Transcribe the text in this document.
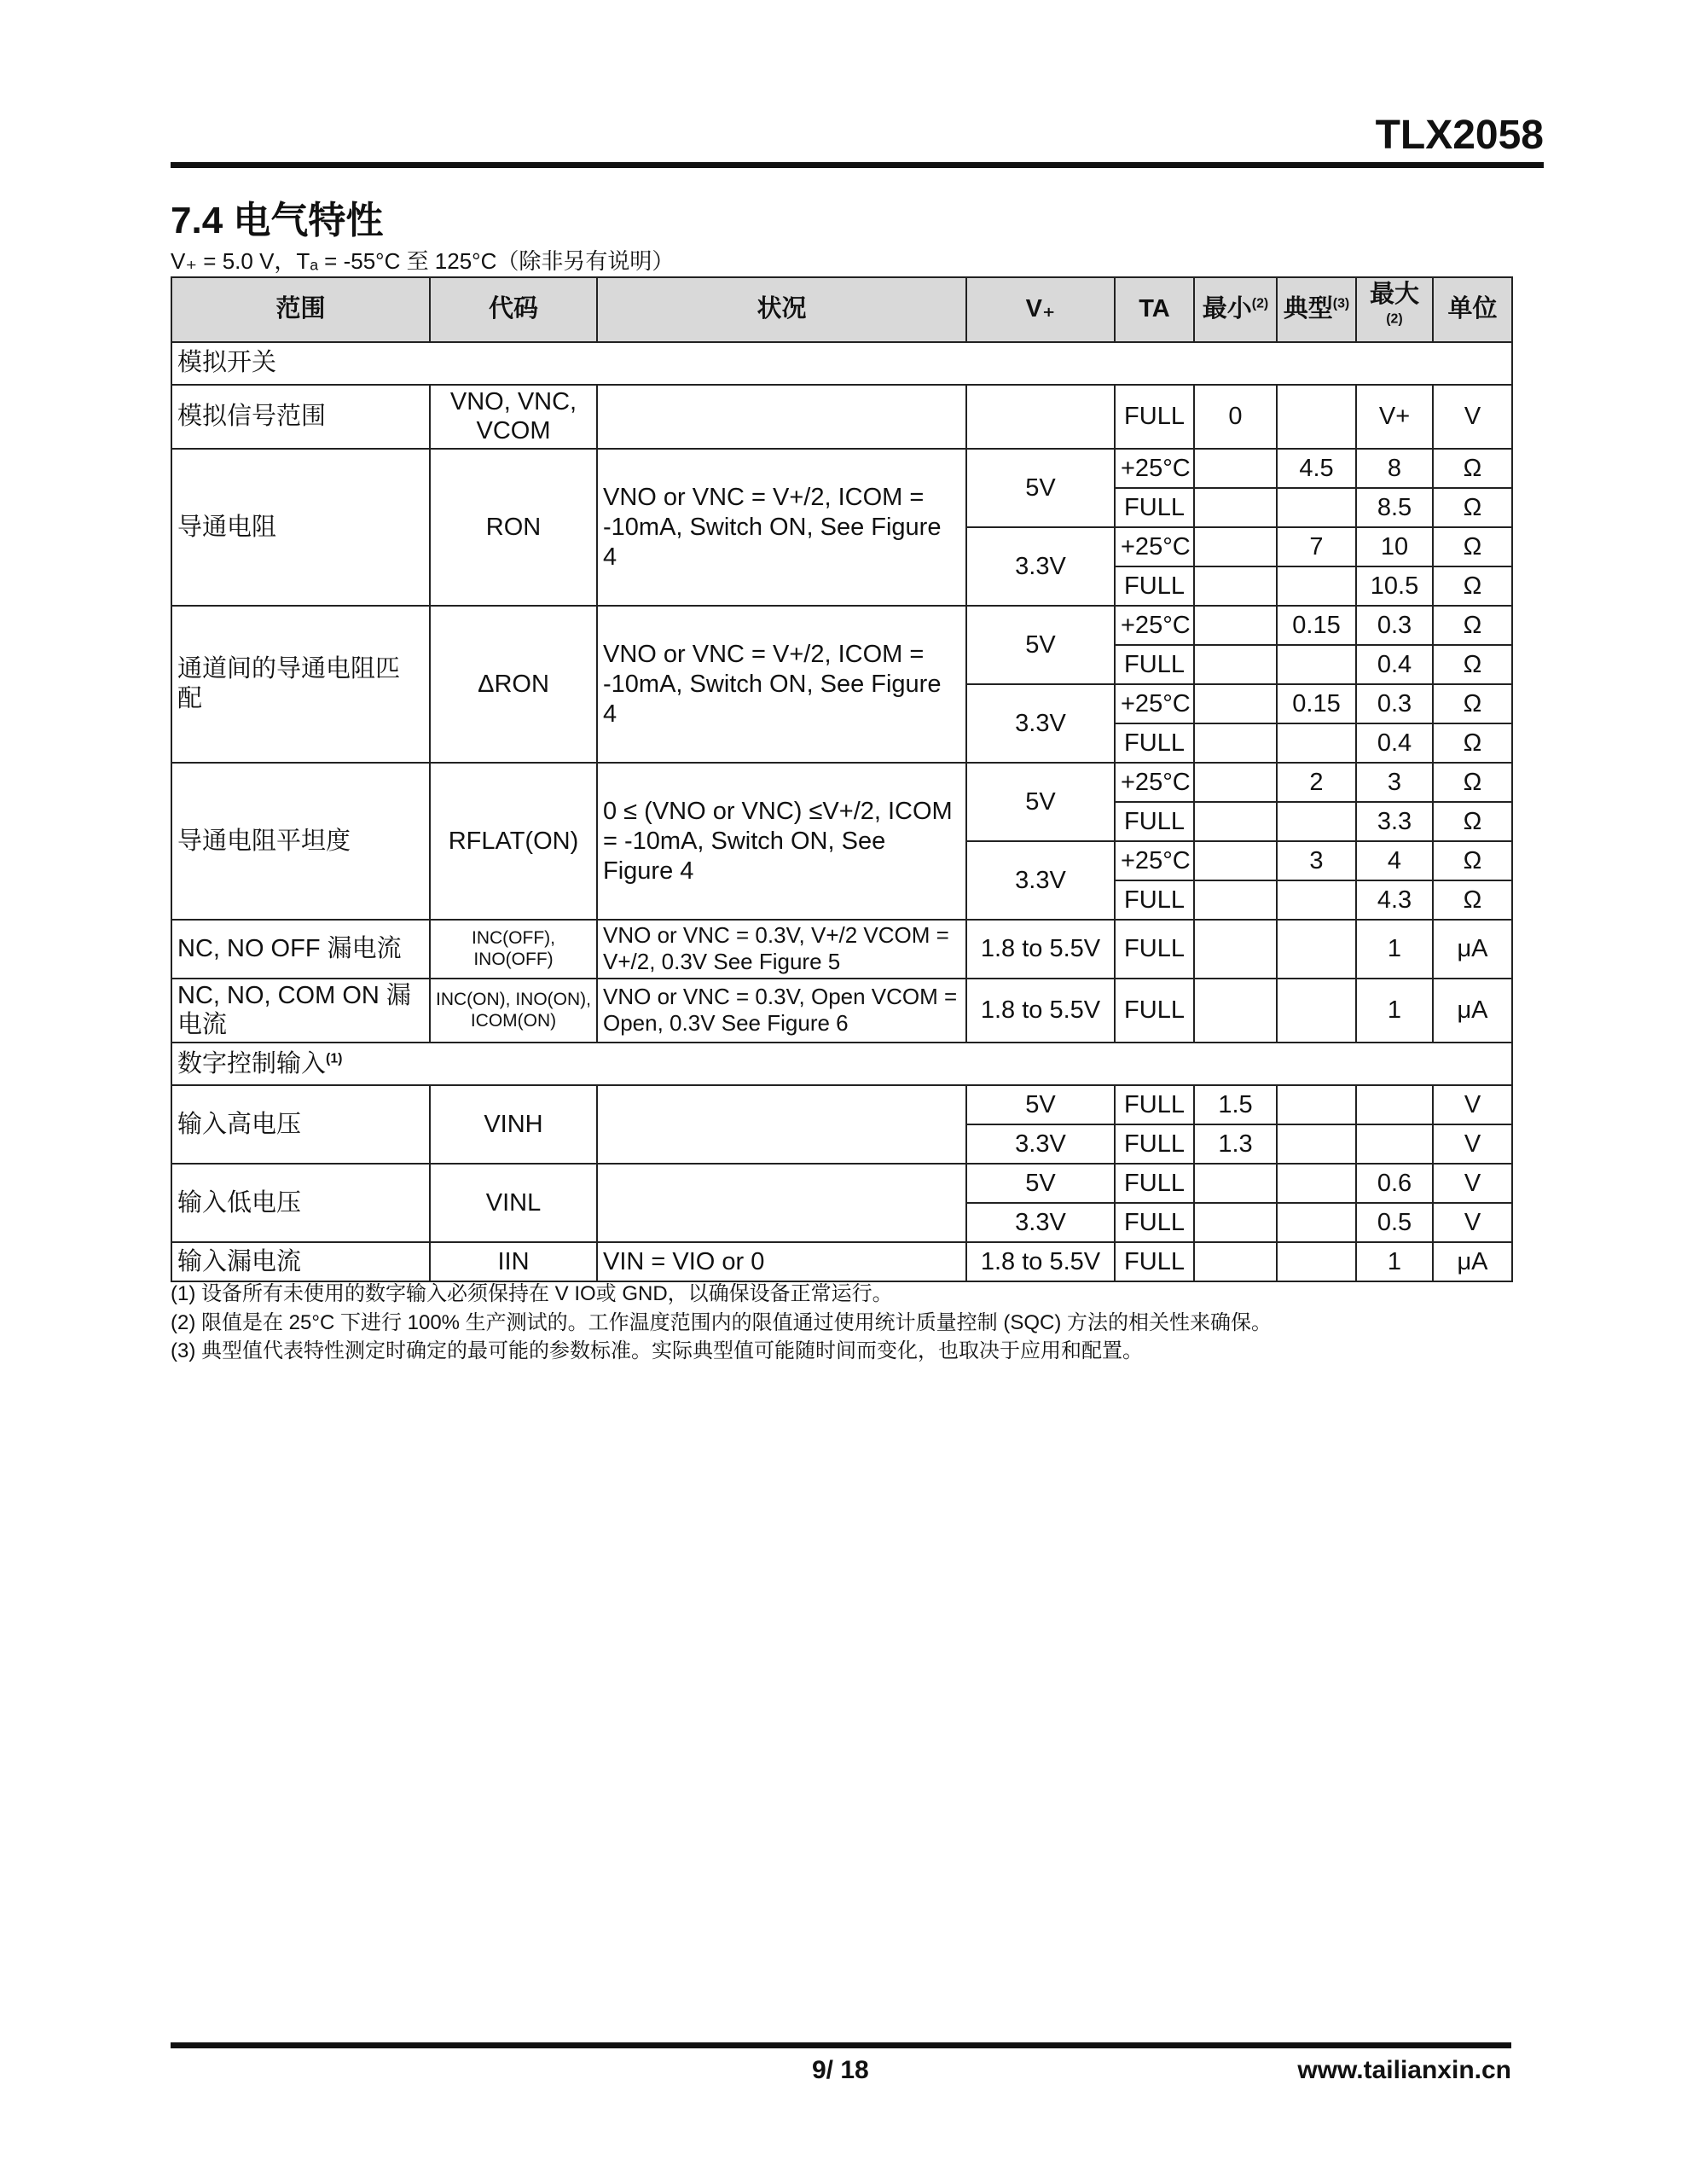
TLX2058
7.4 电气特性
V₊ = 5.0 V，Tₐ = -55°C 至 125°C（除非另有说明）
范围	代码	状况	V₊	TA	最小$^{(2)}$	典型$^{(3)}$	最大$^{(2)}$	单位
模拟开关								
模拟信号范围	VNO, VNC, VCOM			FULL	0		V+	V
导通电阻	RON	VNO or VNC = V+/2, ICOM = -10mA, Switch ON, See Figure 4	5V	+25°C		4.5	8	Ω
				FULL			8.5	Ω
			3.3V	+25°C		7	10	Ω
				FULL			10.5	Ω
通道间的导通电阻匹配	ΔRON	VNO or VNC = V+/2, ICOM = -10mA, Switch ON, See Figure 4	5V	+25°C		0.15	0.3	Ω
				FULL			0.4	Ω
			3.3V	+25°C		0.15	0.3	Ω
				FULL			0.4	Ω
导通电阻平坦度	RFLAT(ON)	0 ≤ (VNO or VNC) ≤V+/2, ICOM = -10mA, Switch ON, See Figure 4	5V	+25°C		2	3	Ω
				FULL			3.3	Ω
			3.3V	+25°C		3	4	Ω
				FULL			4.3	Ω
NC, NO OFF 漏电流	INC(OFF), INO(OFF)	VNO or VNC = 0.3V, V+/2 VCOM = V+/2, 0.3V See Figure 5	1.8 to 5.5V	FULL			1	μA
NC, NO, COM ON 漏电流	INC(ON), INO(ON), ICOM(ON)	VNO or VNC = 0.3V, Open VCOM = Open, 0.3V See Figure 6	1.8 to 5.5V	FULL			1	μA
数字控制输入$^{(1)}$
输入高电压	VINH		5V	FULL	1.5			V
			3.3V	FULL	1.3			V
输入低电压	VINL		5V	FULL			0.6	V
			3.3V	FULL			0.5	V
输入漏电流	IIN	VIN = VIO or 0	1.8 to 5.5V	FULL			1	μA
(1) 设备所有未使用的数字输入必须保持在 V IO或 GND，以确保设备正常运行。
(2) 限值是在 25°C 下进行 100% 生产测试的。工作温度范围内的限值通过使用统计质量控制 (SQC) 方法的相关性来确保。
(3) 典型值代表特性测定时确定的最可能的参数标准。实际典型值可能随时间而变化，也取决于应用和配置。
9/ 18	www.tailianxin.cn
